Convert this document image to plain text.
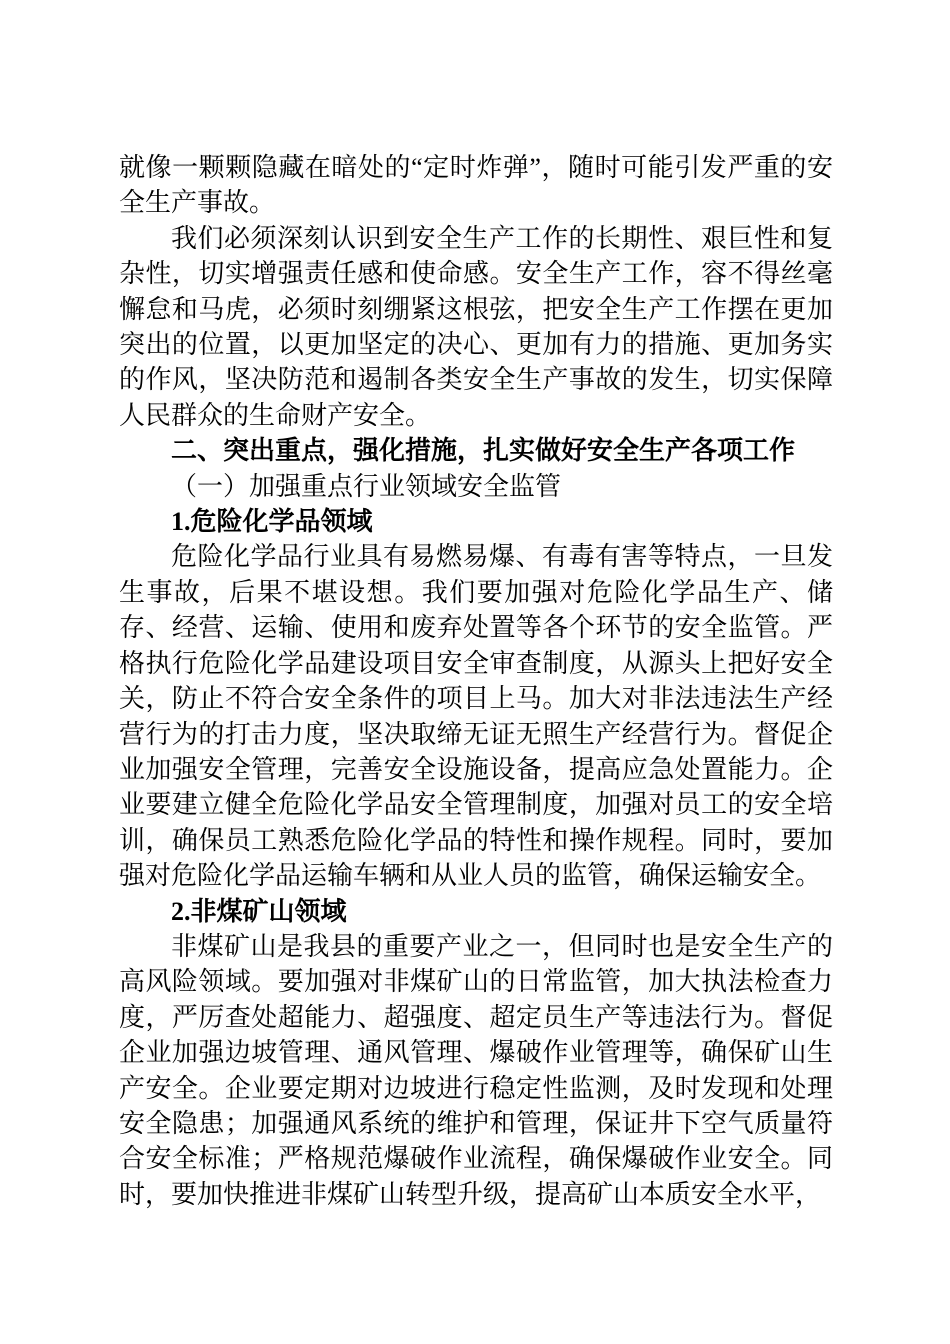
就像一颗颗隐藏在暗处的“定时炸弹”，随时可能引发严重的安全生产事故。

我们必须深刻认识到安全生产工作的长期性、艰巨性和复杂性，切实增强责任感和使命感。安全生产工作，容不得丝毫懈怠和马虎，必须时刻绷紧这根弦，把安全生产工作摆在更加突出的位置，以更加坚定的决心、更加有力的措施、更加务实的作风，坚决防范和遏制各类安全生产事故的发生，切实保障人民群众的生命财产安全。

二、突出重点，强化措施，扎实做好安全生产各项工作

（一）加强重点行业领域安全监管

1.危险化学品领域

危险化学品行业具有易燃易爆、有毒有害等特点，一旦发生事故，后果不堪设想。我们要加强对危险化学品生产、储存、经营、运输、使用和废弃处置等各个环节的安全监管。严格执行危险化学品建设项目安全审查制度，从源头上把好安全关，防止不符合安全条件的项目上马。加大对非法违法生产经营行为的打击力度，坚决取缔无证无照生产经营行为。督促企业加强安全管理，完善安全设施设备，提高应急处置能力。企业要建立健全危险化学品安全管理制度，加强对员工的安全培训，确保员工熟悉危险化学品的特性和操作规程。同时，要加强对危险化学品运输车辆和从业人员的监管，确保运输安全。

2.非煤矿山领域

非煤矿山是我县的重要产业之一，但同时也是安全生产的高风险领域。要加强对非煤矿山的日常监管，加大执法检查力度，严厉查处超能力、超强度、超定员生产等违法行为。督促企业加强边坡管理、通风管理、爆破作业管理等，确保矿山生产安全。企业要定期对边坡进行稳定性监测，及时发现和处理安全隐患；加强通风系统的维护和管理，保证井下空气质量符合安全标准；严格规范爆破作业流程，确保爆破作业安全。同时，要加快推进非煤矿山转型升级，提高矿山本质安全水平，
